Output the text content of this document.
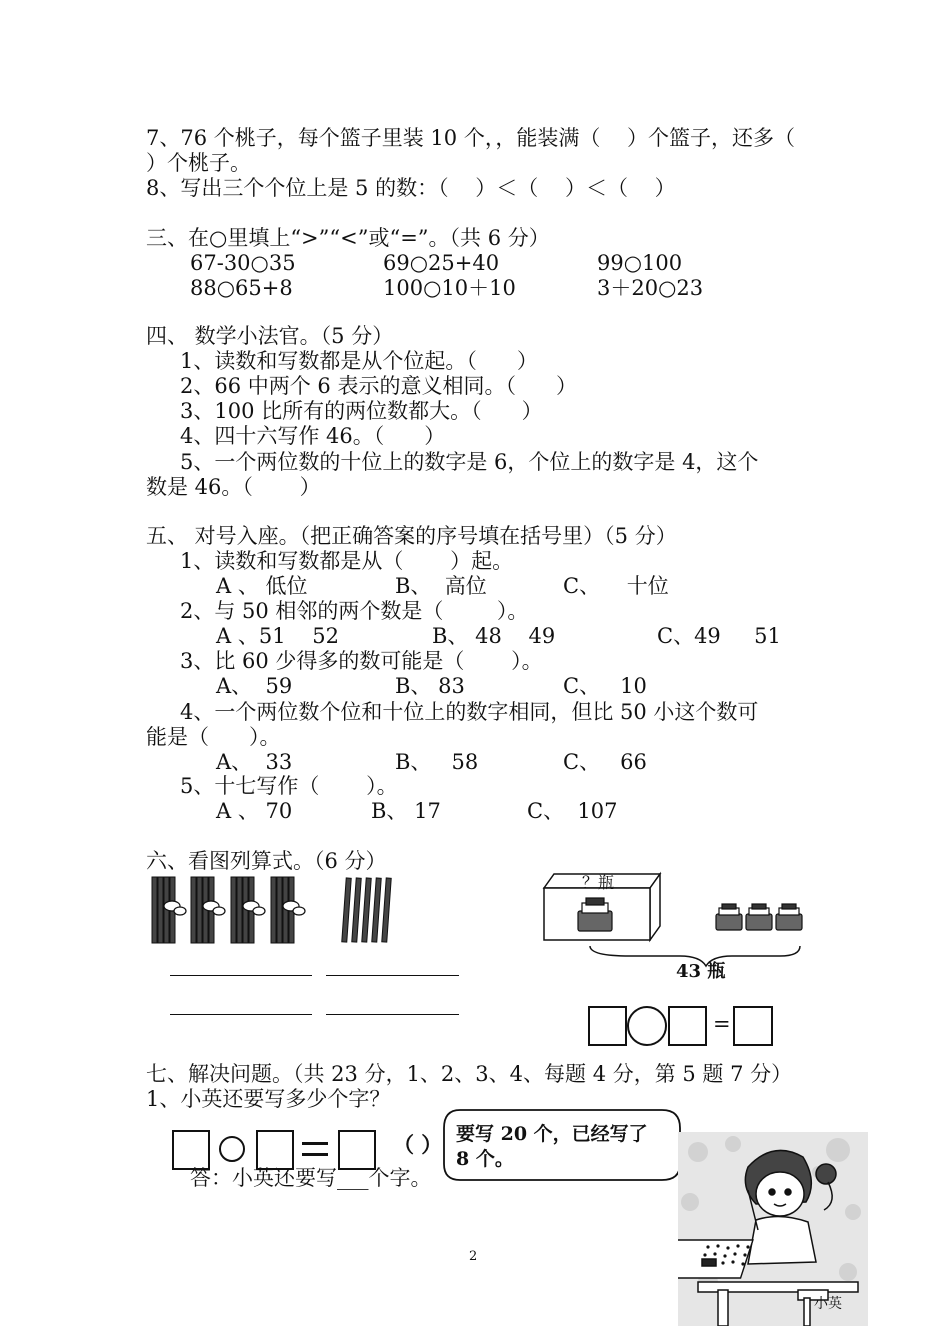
7、76 个桃子，每个篮子里装 10 个，，能装满（    ）个篮子，还多（
）个桃子。
8、写出三个个位上是 5 的数：（    ）＜（    ）＜（    ）
三、在○里填上“>”“<”或“=”。（共 6 分）
67-30○35	69○25+40	99○100
88○65+8	100○10＋10	3＋20○23
四、 数学小法官。（5 分）
1、读数和写数都是从个位起。（      ）
2、66 中两个 6 表示的意义相同。（      ）
3、100 比所有的两位数都大。（      ）
4、四十六写作 46。（      ）
5、一个两位数的十位上的数字是 6，个位上的数字是 4，这个
数是 46。（       ）
五、 对号入座。（把正确答案的序号填在括号里）（5 分）
1、读数和写数都是从（       ）起。
A 、 低位	B、  高位	C、    十位
2、与 50 相邻的两个数是（        ）。
A 、51    52	B、 48    49	C、49     51
3、比 60 少得多的数可能是（       ）。
A、  59	B、 83	C、   10
4、一个两位数个位和十位上的数字相同，但比 50 小这个数可
能是（      ）。
A、  33	B、   58	C、   66
5、十七写作（       ）。
A 、 70	B、 17	C、  107
六、看图列算式。（6 分）
？瓶
43 瓶
=
七、解决问题。（共 23 分，1、2、3、4、每题 4 分，第 5 题 7 分）
1、小英还要写多少个字？
答：小英还要写___个字。
（ ） 要写 20 个，已经写了 8 个。
小英
2
